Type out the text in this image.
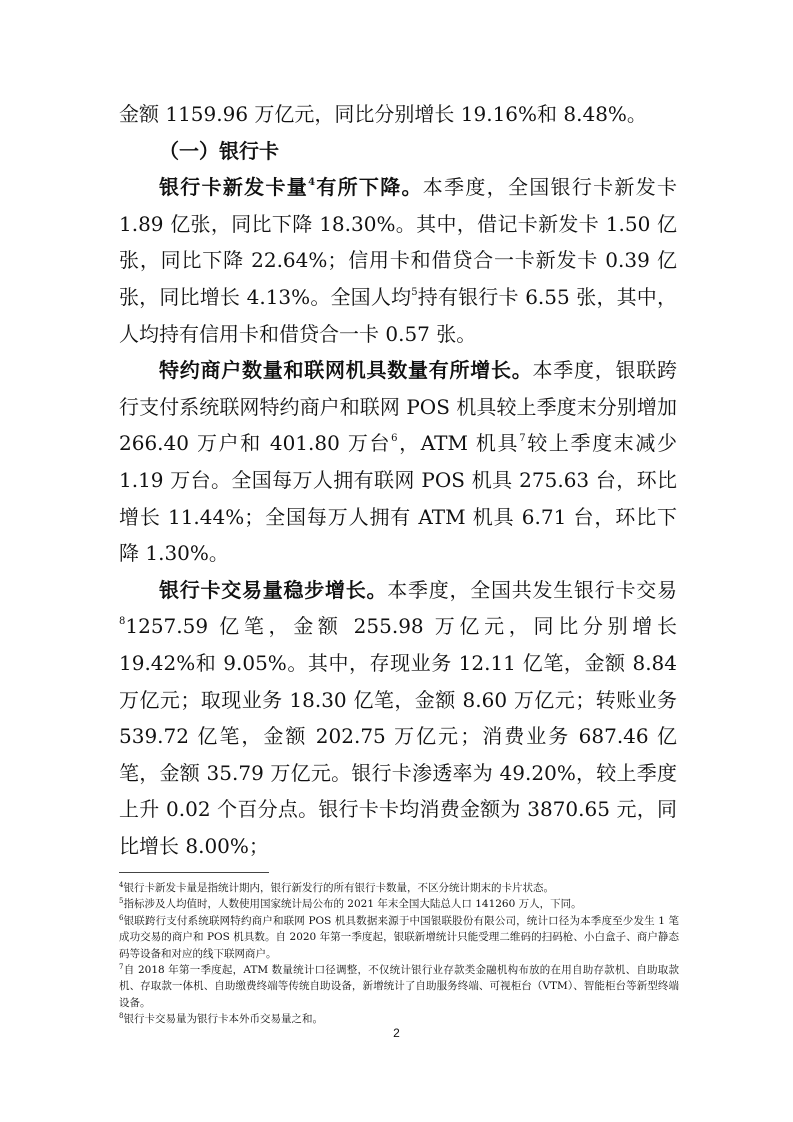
金额 1159.96 万亿元，同比分别增长 19.16%和 8.48%。

（一）银行卡

银行卡新发卡量$^4$有所下降。本季度，全国银行卡新发卡 1.89 亿张，同比下降 18.30%。其中，借记卡新发卡 1.50 亿张，同比下降 22.64%；信用卡和借贷合一卡新发卡 0.39 亿张，同比增长 4.13%。全国人均$^5$持有银行卡 6.55 张，其中，人均持有信用卡和借贷合一卡 0.57 张。

特约商户数量和联网机具数量有所增长。本季度，银联跨行支付系统联网特约商户和联网 POS 机具较上季度末分别增加 266.40 万户和 401.80 万台$^6$，ATM 机具$^7$较上季度末减少 1.19 万台。全国每万人拥有联网 POS 机具 275.63 台，环比增长 11.44%；全国每万人拥有 ATM 机具 6.71 台，环比下降 1.30%。

银行卡交易量稳步增长。本季度，全国共发生银行卡交易$^8$1257.59 亿笔，金额 255.98 万亿元，同比分别增长 19.42%和 9.05%。其中，存现业务 12.11 亿笔，金额 8.84 万亿元；取现业务 18.30 亿笔，金额 8.60 万亿元；转账业务 539.72 亿笔，金额 202.75 万亿元；消费业务 687.46 亿笔，金额 35.79 万亿元。银行卡渗透率为 49.20%，较上季度上升 0.02 个百分点。银行卡卡均消费金额为 3870.65 元，同比增长 8.00%；

$^4$银行卡新发卡量是指统计期内，银行新发行的所有银行卡数量，不区分统计期末的卡片状态。

$^5$指标涉及人均值时，人数使用国家统计局公布的 2021 年末全国大陆总人口 141260 万人，下同。

$^6$银联跨行支付系统联网特约商户和联网 POS 机具数据来源于中国银联股份有限公司，统计口径为本季度至少发生 1 笔成功交易的商户和 POS 机具数。自 2020 年第一季度起，银联新增统计只能受理二维码的扫码枪、小白盒子、商户静态码等设备和对应的线下联网商户。

$^7$自 2018 年第一季度起，ATM 数量统计口径调整，不仅统计银行业存款类金融机构布放的在用自助存款机、自助取款机、存取款一体机、自助缴费终端等传统自助设备，新增统计了自助服务终端、可视柜台（VTM）、智能柜台等新型终端设备。

$^8$银行卡交易量为银行卡本外币交易量之和。

2
